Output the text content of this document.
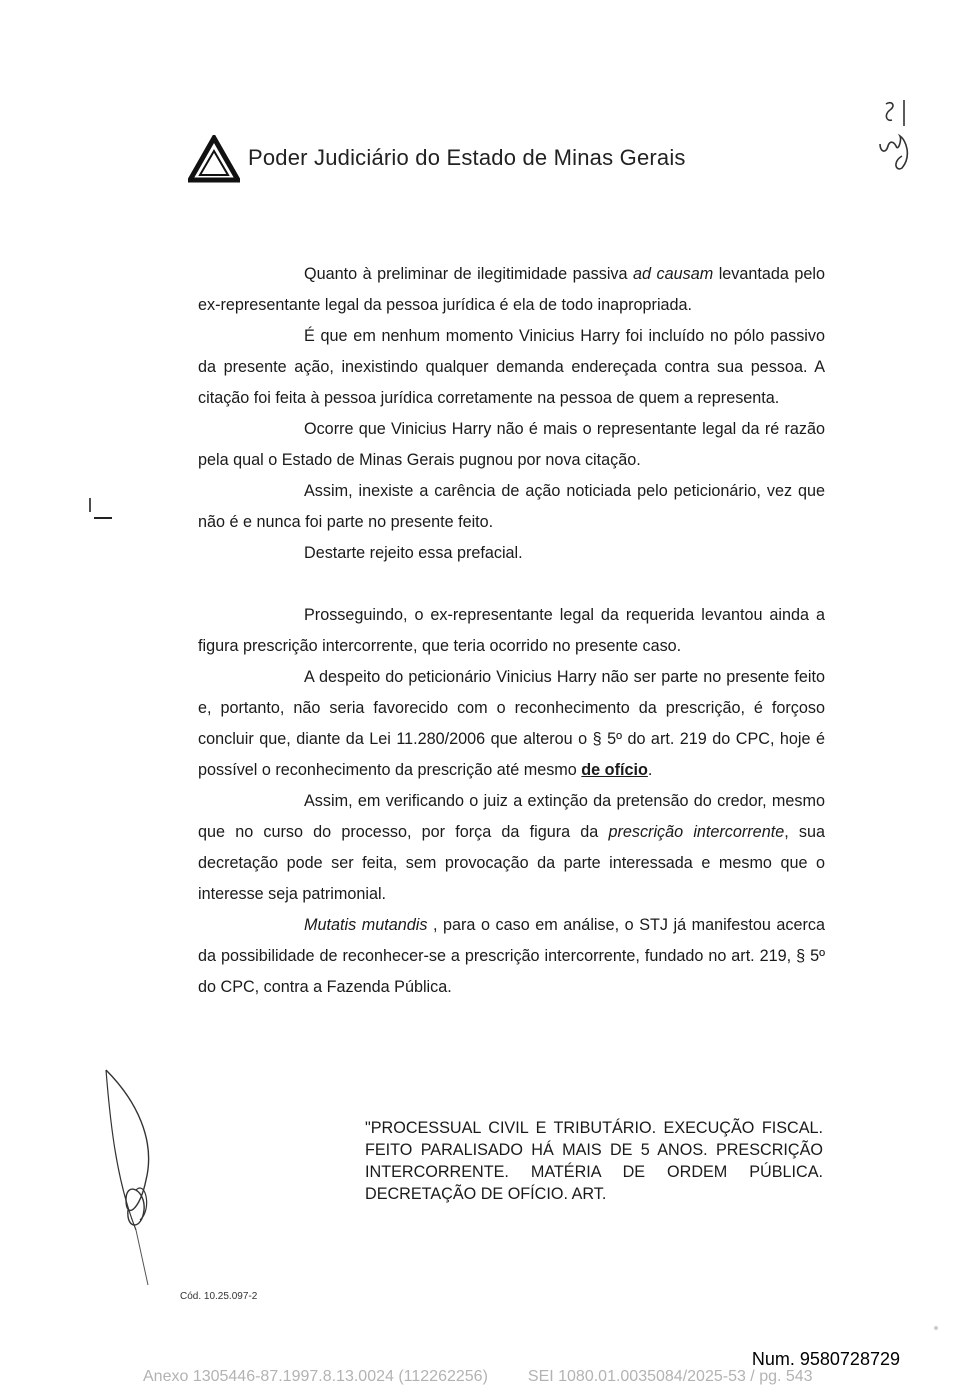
Poder Judiciário do Estado de Minas Gerais

Quanto à preliminar de ilegitimidade passiva ad causam levantada pelo ex-representante legal da pessoa jurídica é ela de todo inapropriada.

É que em nenhum momento Vinicius Harry foi incluído no pólo passivo da presente ação, inexistindo qualquer demanda endereçada contra sua pessoa. A citação foi feita à pessoa jurídica corretamente na pessoa de quem a representa.

Ocorre que Vinicius Harry não é mais o representante legal da ré razão pela qual o Estado de Minas Gerais pugnou por nova citação.

Assim, inexiste a carência de ação noticiada pelo peticionário, vez que não é e nunca foi parte no presente feito.

Destarte rejeito essa prefacial.

Prosseguindo, o ex-representante legal da requerida levantou ainda a figura prescrição intercorrente, que teria ocorrido no presente caso.

A despeito do peticionário Vinicius Harry não ser parte no presente feito e, portanto, não seria favorecido com o reconhecimento da prescrição, é forçoso concluir que, diante da Lei 11.280/2006 que alterou o § 5º do art. 219 do CPC, hoje é possível o reconhecimento da prescrição até mesmo de ofício.

Assim, em verificando o juiz a extinção da pretensão do credor, mesmo que no curso do processo, por força da figura da prescrição intercorrente, sua decretação pode ser feita, sem provocação da parte interessada e mesmo que o interesse seja patrimonial.

Mutatis mutandis , para o caso em análise, o STJ já manifestou acerca da possibilidade de reconhecer-se a prescrição intercorrente, fundado no art. 219, § 5º do CPC, contra a Fazenda Pública.

"PROCESSUAL CIVIL E TRIBUTÁRIO. EXECUÇÃO FISCAL. FEITO PARALISADO HÁ MAIS DE 5 ANOS. PRESCRIÇÃO INTERCORRENTE. MATÉRIA DE ORDEM PÚBLICA. DECRETAÇÃO DE OFÍCIO. ART.
Cód. 10.25.097-2
Num. 9580728729
Anexo 1305446-87.1997.8.13.0024 (112262256)	SEI 1080.01.0035084/2025-53 / pg. 543
